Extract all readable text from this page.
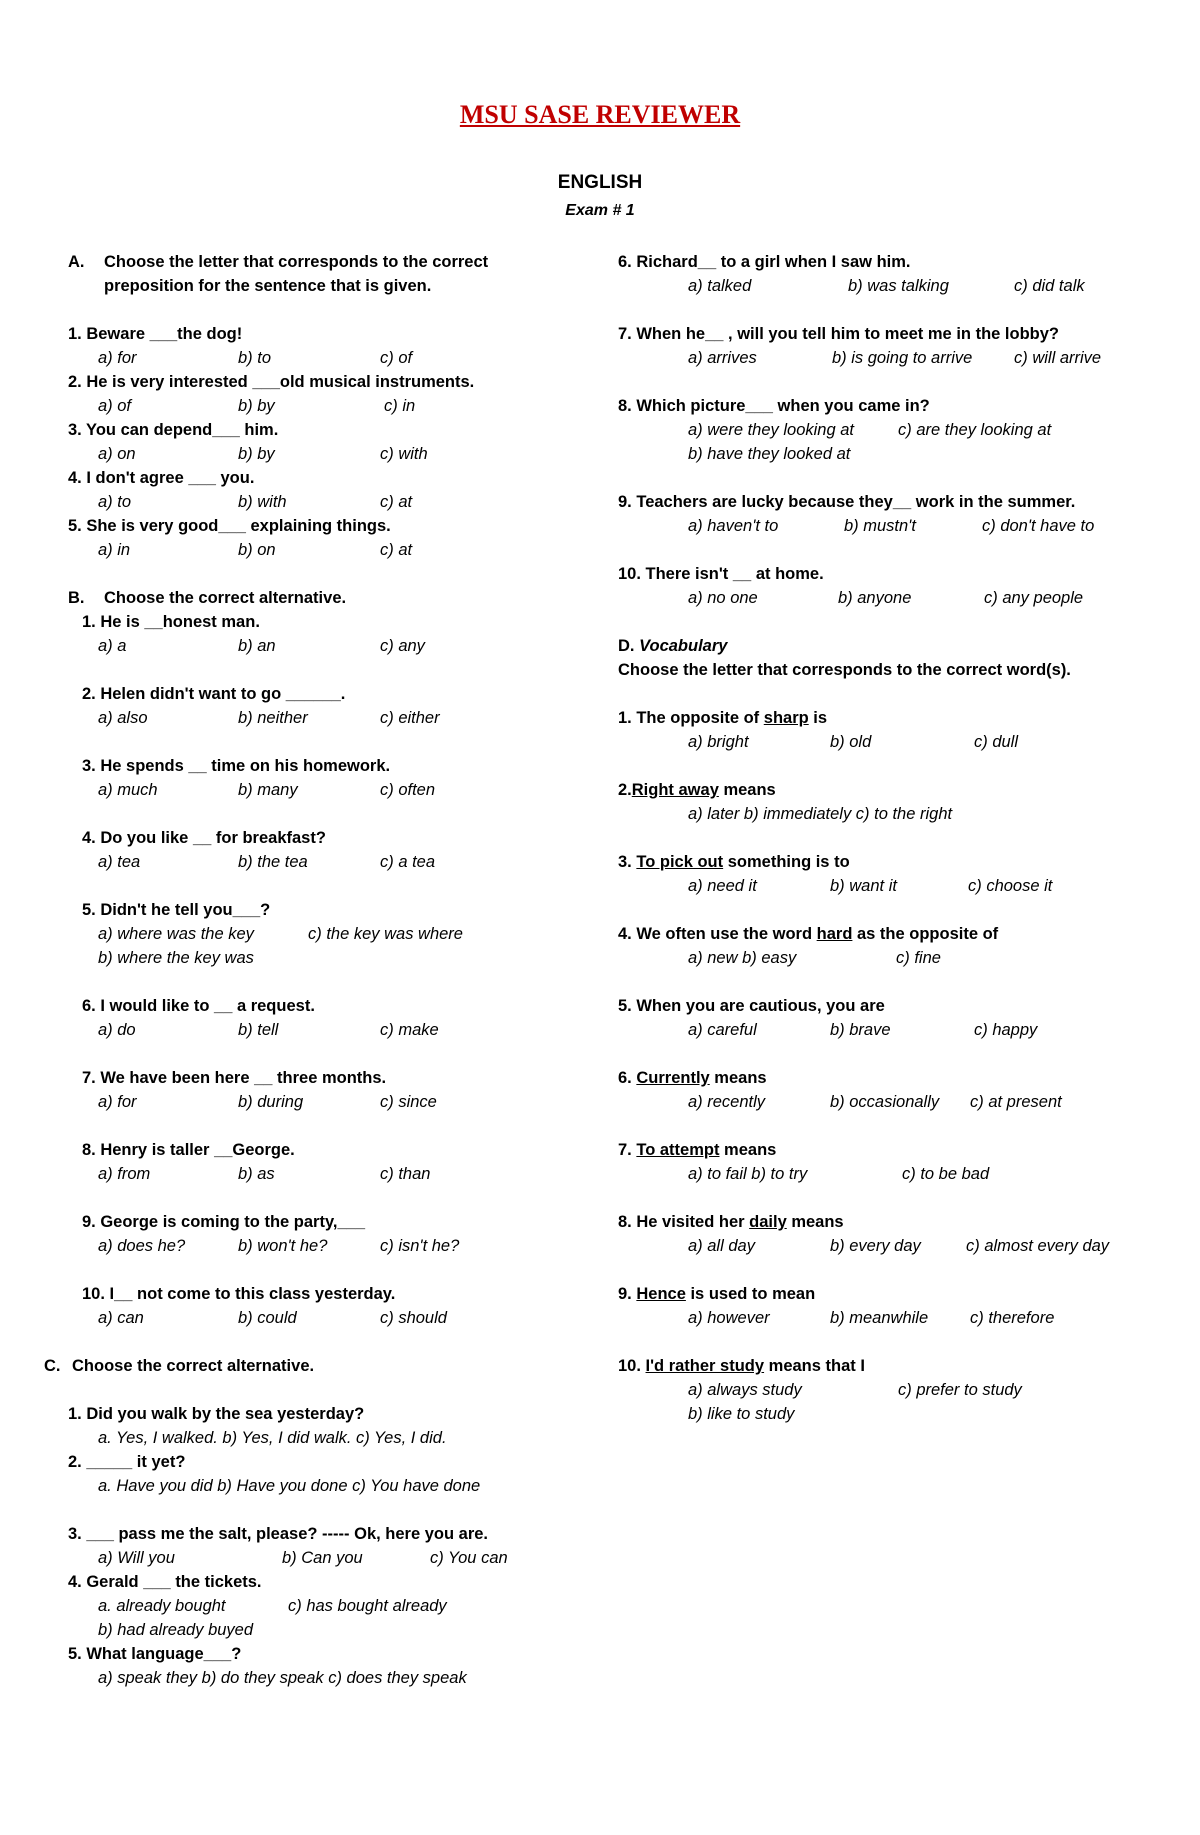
MSU SASE REVIEWER
ENGLISH
Exam # 1
A. Choose the letter that corresponds to the correct
preposition for the sentence that is given.
1. Beware ___the dog!
a) for	b) to	c) of
2. He is very interested ___old musical instruments.
a) of	b) by	c) in
3. You can depend___ him.
a) on	b) by	c) with
4. I don't agree ___ you.
a) to	b) with	c) at
5. She is very good___ explaining things.
a) in	b) on	c) at
B. Choose the correct alternative.
1. He is __honest man.
a) a	b) an	c) any
2. Helen didn't want to go ______.
a) also	b) neither	c) either
3. He spends __ time on his homework.
a) much	b) many	c) often
4. Do you like __ for breakfast?
a) tea	b) the tea	c) a tea
5. Didn't he tell you___?
a) where was the key	c) the key was where
b) where the key was
6. I would like to __ a request.
a) do	b) tell	c) make
7. We have been here __ three months.
a) for	b) during	c) since
8. Henry is taller __George.
a) from	b) as	c) than
9. George is coming to the party,___
a) does he?	b) won't he?	c) isn't he?
10. I__ not come to this class yesterday.
a) can	b) could	c) should
C. Choose the correct alternative.
1. Did you walk by the sea yesterday?
a. Yes, I walked. b) Yes, I did walk. c) Yes, I did.
2. _____ it yet?
a. Have you did b) Have you done c) You have done
3. ___ pass me the salt, please? ----- Ok, here you are.
a) Will you	b) Can you	c) You can
4. Gerald ___ the tickets.
a. already bought	c) has bought already
b) had already buyed
5. What language___?
a) speak they b) do they speak c) does they speak
6. Richard__ to a girl when I saw him.
a) talked	b) was talking	c) did talk
7. When he__ , will you tell him to meet me in the lobby?
a) arrives	b) is going to arrive	c) will arrive
8. Which picture___ when you came in?
a) were they looking at	c) are they looking at
b) have they looked at
9. Teachers are lucky because they__ work in the summer.
a) haven't to	b) mustn't	c) don't have to
10. There isn't __ at home.
a) no one	b) anyone	c) any people
D. Vocabulary
Choose the letter that corresponds to the correct word(s).
1. The opposite of sharp is
a) bright	b) old	c) dull
2.Right away means
a) later b) immediately c) to the right
3. To pick out something is to
a) need it	b) want it	c) choose it
4. We often use the word hard as the opposite of
a) new b) easy	c) fine
5. When you are cautious, you are
a) careful	b) brave	c) happy
6. Currently means
a) recently	b) occasionally c) at present
7. To attempt means
a) to fail b) to try	c) to be bad
8. He visited her daily means
a) all day	b) every day	c) almost every day
9. Hence is used to mean
a) however	b) meanwhile	c) therefore
10. I'd rather study means that I
a) always study	c) prefer to study
b) like to study
